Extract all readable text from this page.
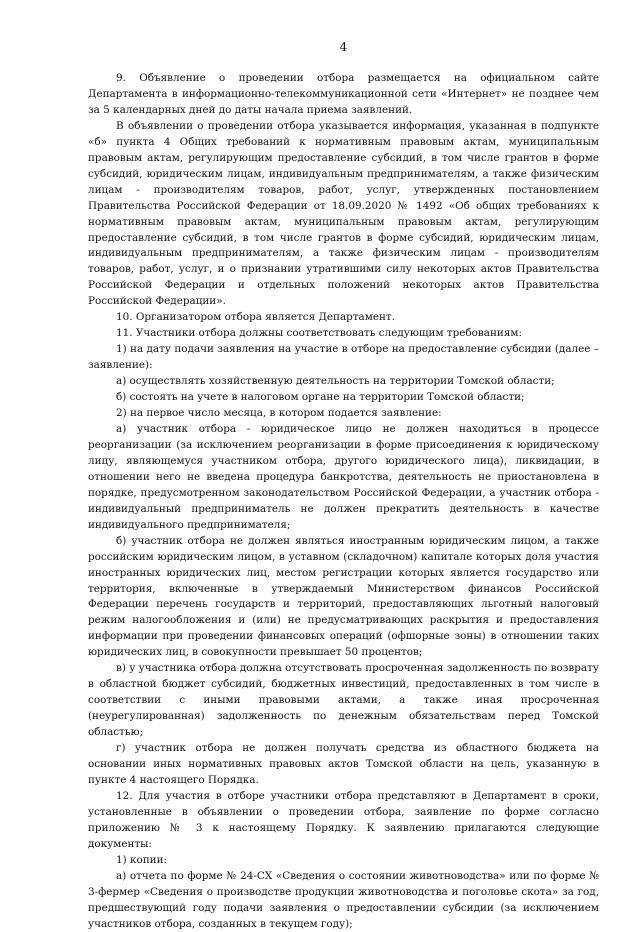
4

9. Объявление о проведении отбора размещается на официальном сайте Департамента в информационно-телекоммуникационной сети «Интернет» не позднее чем за 5 календарных дней до даты начала приема заявлений.

В объявлении о проведении отбора указывается информация, указанная в подпункте «б» пункта 4 Общих требований к нормативным правовым актам, муниципальным правовым актам, регулирующим предоставление субсидий, в том числе грантов в форме субсидий, юридическим лицам, индивидуальным предпринимателям, а также физическим лицам - производителям товаров, работ, услуг, утвержденных постановлением Правительства Российской Федерации от 18.09.2020 № 1492 «Об общих требованиях к нормативным правовым актам, муниципальным правовым актам, регулирующим предоставление субсидий, в том числе грантов в форме субсидий, юридическим лицам, индивидуальным предпринимателям, а также физическим лицам - производителям товаров, работ, услуг, и о признании утратившими силу некоторых актов Правительства Российской Федерации и отдельных положений некоторых актов Правительства Российской Федерации».

10. Организатором отбора является Департамент.

11. Участники отбора должны соответствовать следующим требованиям:

1) на дату подачи заявления на участие в отборе на предоставление субсидии (далее – заявление):

а) осуществлять хозяйственную деятельность на территории Томской области;

б) состоять на учете в налоговом органе на территории Томской области;

2) на первое число месяца, в котором подается заявление:

а) участник отбора - юридическое лицо не должен находиться в процессе реорганизации (за исключением реорганизации в форме присоединения к юридическому лицу, являющемуся участником отбора, другого юридического лица), ликвидации, в отношении него не введена процедура банкротства, деятельность не приостановлена в порядке, предусмотренном законодательством Российской Федерации, а участник отбора - индивидуальный предприниматель не должен прекратить деятельность в качестве индивидуального предпринимателя;

б) участник отбора не должен являться иностранным юридическим лицом, а также российским юридическим лицом, в уставном (складочном) капитале которых доля участия иностранных юридических лиц, местом регистрации которых является государство или территория, включенные в утверждаемый Министерством финансов Российской Федерации перечень государств и территорий, предоставляющих льготный налоговый режим налогообложения и (или) не предусматривающих раскрытия и предоставления информации при проведении финансовых операций (офшорные зоны) в отношении таких юридических лиц, в совокупности превышает 50 процентов;

в) у участника отбора должна отсутствовать просроченная задолженность по возврату в областной бюджет субсидий, бюджетных инвестиций, предоставленных в том числе в соответствии с иными правовыми актами, а также иная просроченная (неурегулированная) задолженность по денежным обязательствам перед Томской областью;

г) участник отбора не должен получать средства из областного бюджета на основании иных нормативных правовых актов Томской области на цель, указанную в пункте 4 настоящего Порядка.

12. Для участия в отборе участники отбора представляют в Департамент в сроки, установленные в объявлении о проведении отбора, заявление по форме согласно приложению № 3 к настоящему Порядку. К заявлению прилагаются следующие документы:

1) копии:

а) отчета по форме № 24-СХ «Сведения о состоянии животноводства» или по форме № 3-фермер «Сведения о производстве продукции животноводства и поголовье скота» за год, предшествующий году подачи заявления о предоставлении субсидии (за исключением участников отбора, созданных в текущем году);
